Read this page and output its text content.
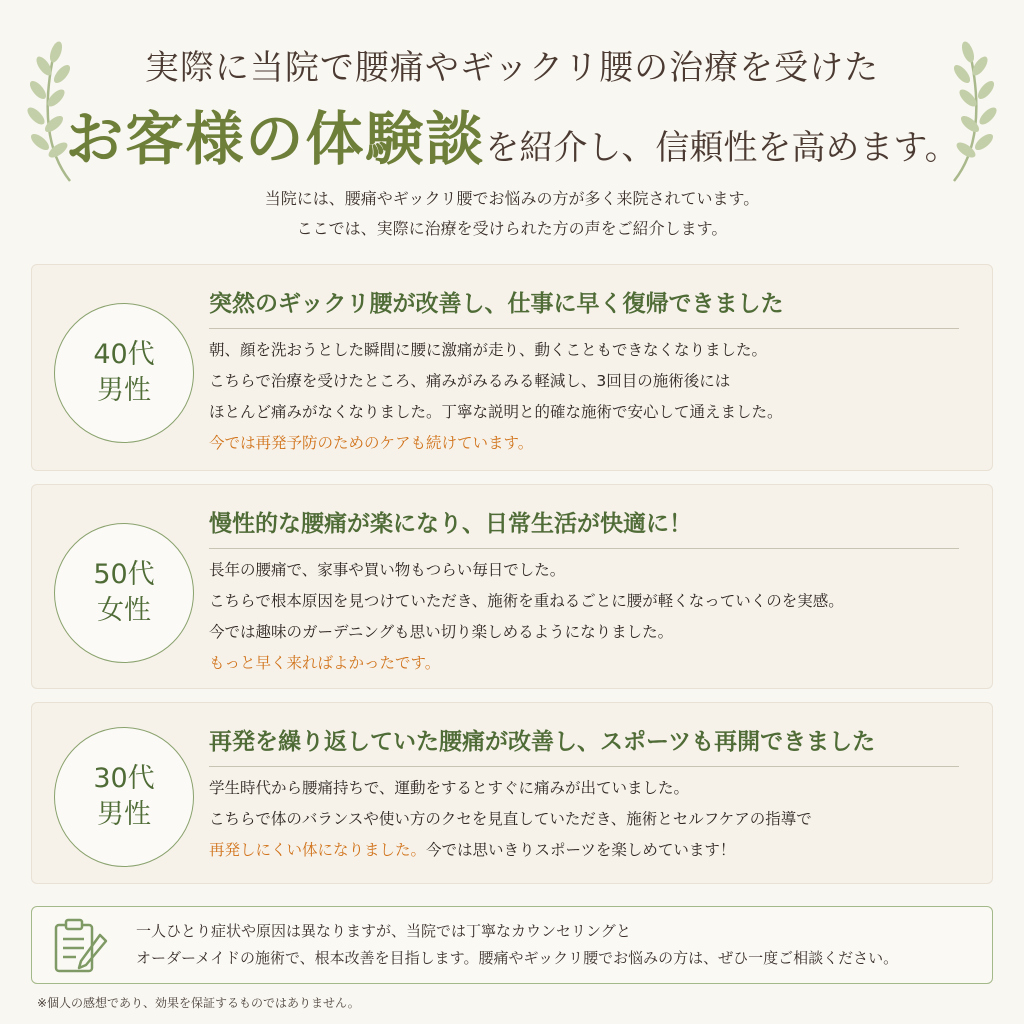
実際に当院で腰痛やギックリ腰の治療を受けた
お客様の体験談を紹介し、信頼性を高めます。
当院には、腰痛やギックリ腰でお悩みの方が多く来院されています。
ここでは、実際に治療を受けられた方の声をご紹介します。
40代
男性
突然のギックリ腰が改善し、仕事に早く復帰できました
朝、顔を洗おうとした瞬間に腰に激痛が走り、動くこともできなくなりました。
こちらで治療を受けたところ、痛みがみるみる軽減し、3回目の施術後には
ほとんど痛みがなくなりました。丁寧な説明と的確な施術で安心して通えました。
今では再発予防のためのケアも続けています。
50代
女性
慢性的な腰痛が楽になり、日常生活が快適に！
長年の腰痛で、家事や買い物もつらい毎日でした。
こちらで根本原因を見つけていただき、施術を重ねるごとに腰が軽くなっていくのを実感。
今では趣味のガーデニングも思い切り楽しめるようになりました。
もっと早く来ればよかったです。
30代
男性
再発を繰り返していた腰痛が改善し、スポーツも再開できました
学生時代から腰痛持ちで、運動をするとすぐに痛みが出ていました。
こちらで体のバランスや使い方のクセを見直していただき、施術とセルフケアの指導で
再発しにくい体になりました。今では思いきりスポーツを楽しめています！
一人ひとり症状や原因は異なりますが、当院では丁寧なカウンセリングと
オーダーメイドの施術で、根本改善を目指します。腰痛やギックリ腰でお悩みの方は、ぜひ一度ご相談ください。
※個人の感想であり、効果を保証するものではありません。
